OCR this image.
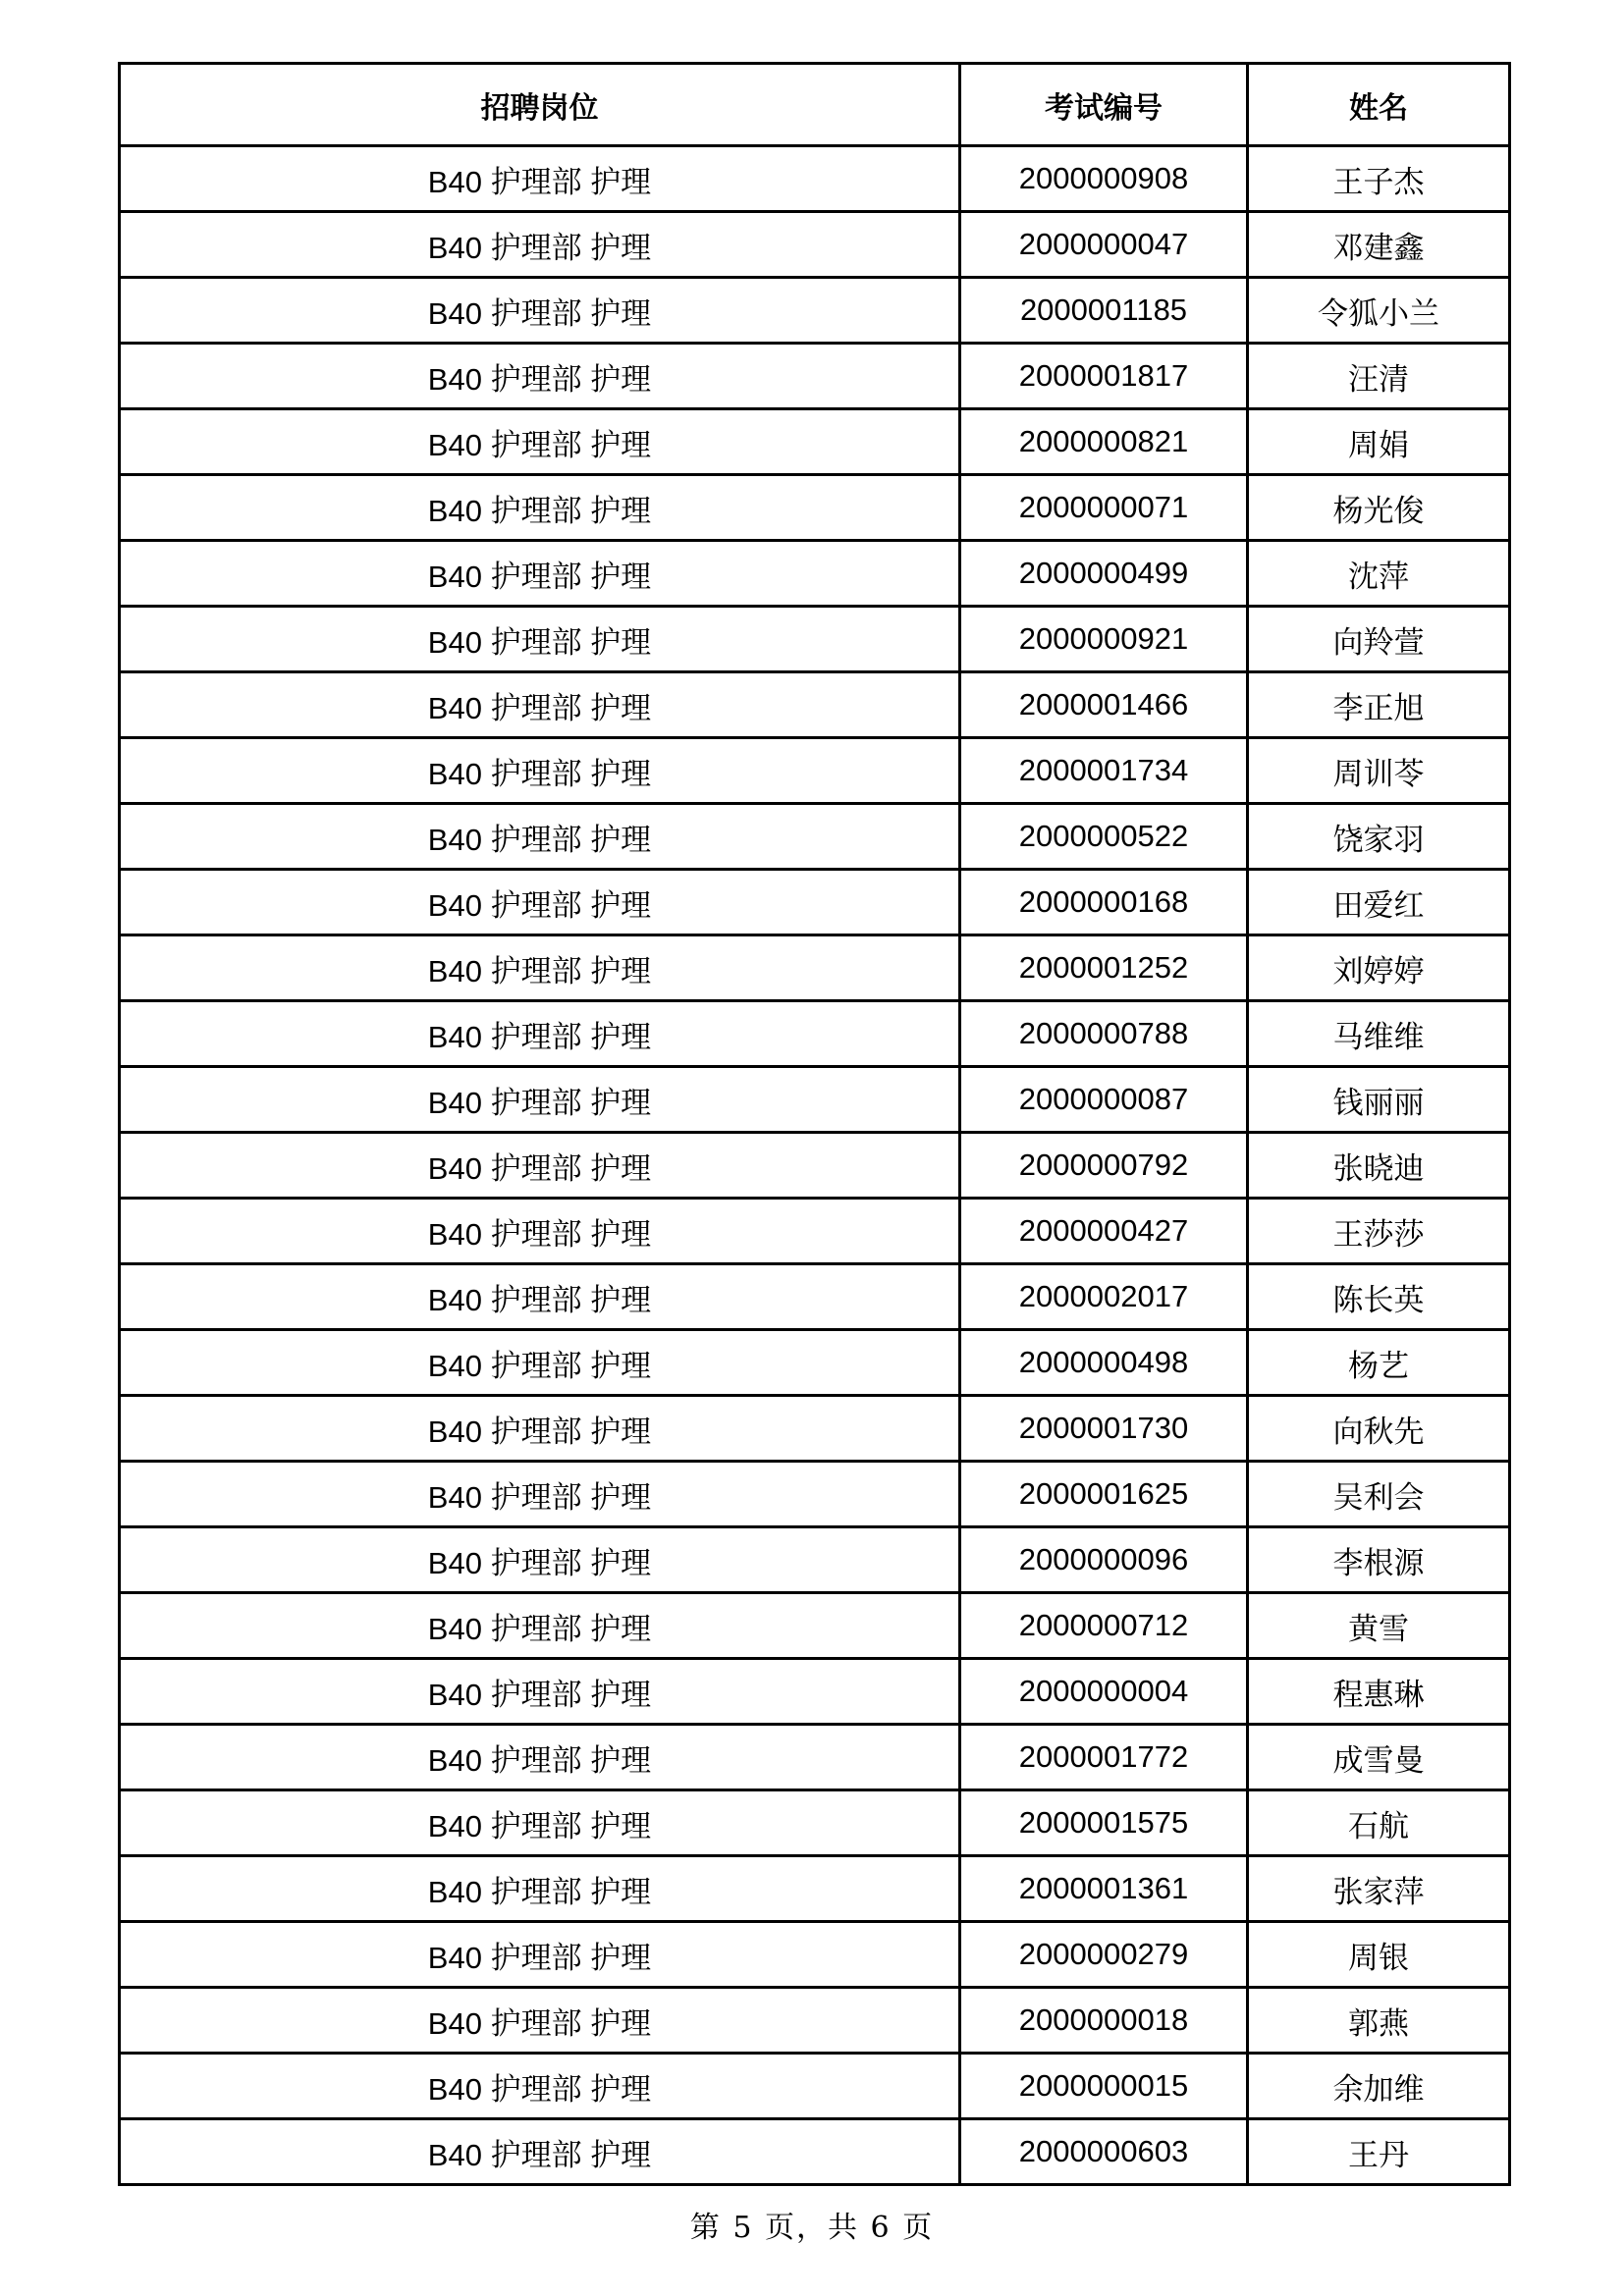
招聘岗位	考试编号	姓名
B40 护理部 护理	2000000908	王子杰
B40 护理部 护理	2000000047	邓建鑫
B40 护理部 护理	2000001185	令狐小兰
B40 护理部 护理	2000001817	汪清
B40 护理部 护理	2000000821	周娟
B40 护理部 护理	2000000071	杨光俊
B40 护理部 护理	2000000499	沈萍
B40 护理部 护理	2000000921	向羚萱
B40 护理部 护理	2000001466	李正旭
B40 护理部 护理	2000001734	周训苓
B40 护理部 护理	2000000522	饶家羽
B40 护理部 护理	2000000168	田爱红
B40 护理部 护理	2000001252	刘婷婷
B40 护理部 护理	2000000788	马维维
B40 护理部 护理	2000000087	钱丽丽
B40 护理部 护理	2000000792	张晓迪
B40 护理部 护理	2000000427	王莎莎
B40 护理部 护理	2000002017	陈长英
B40 护理部 护理	2000000498	杨艺
B40 护理部 护理	2000001730	向秋先
B40 护理部 护理	2000001625	吴利会
B40 护理部 护理	2000000096	李根源
B40 护理部 护理	2000000712	黄雪
B40 护理部 护理	2000000004	程惠琳
B40 护理部 护理	2000001772	成雪曼
B40 护理部 护理	2000001575	石航
B40 护理部 护理	2000001361	张家萍
B40 护理部 护理	2000000279	周银
B40 护理部 护理	2000000018	郭燕
B40 护理部 护理	2000000015	余加维
B40 护理部 护理	2000000603	王丹
第 5 页，共 6 页
